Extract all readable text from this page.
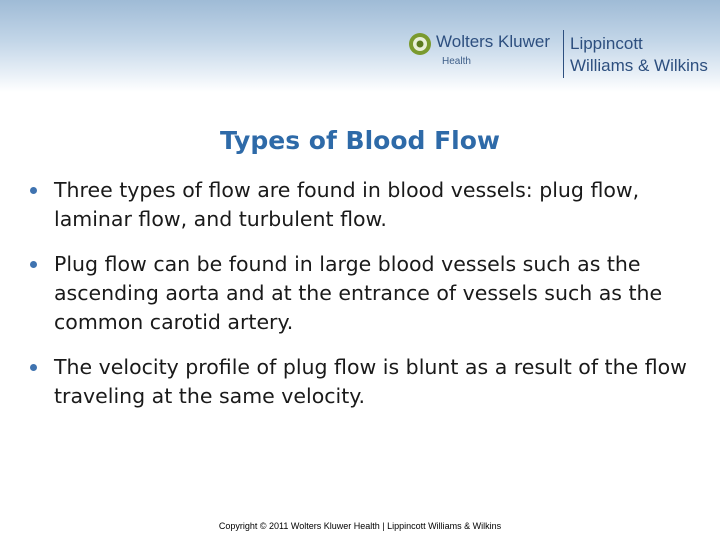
Wolters Kluwer
Health
Lippincott
Williams & Wilkins
Types of Blood Flow
Three types of flow are found in blood vessels: plug flow, laminar flow, and turbulent flow.
Plug flow can be found in large blood vessels such as the ascending aorta and at the entrance of vessels such as the common carotid artery.
The velocity profile of plug flow is blunt as a result of the flow traveling at the same velocity.
Copyright © 2011 Wolters Kluwer Health | Lippincott Williams & Wilkins
